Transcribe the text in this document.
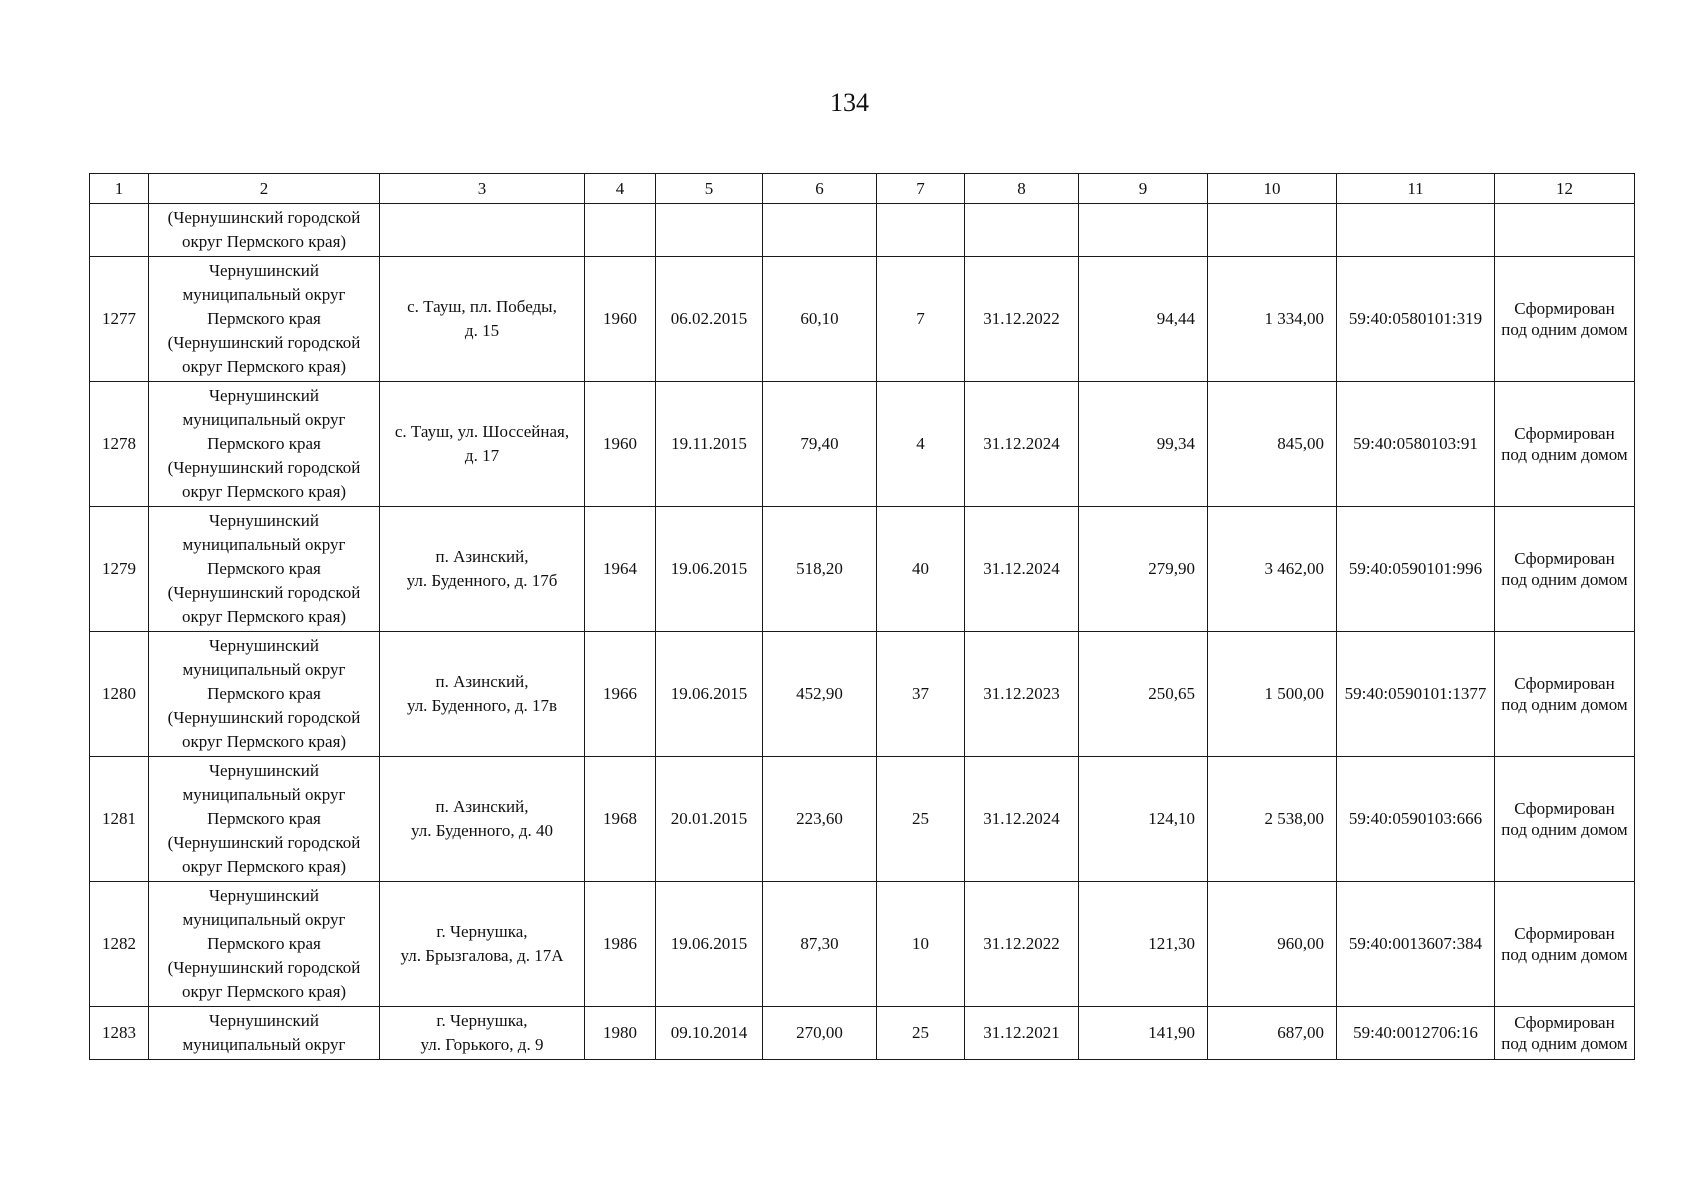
134
1	2	3	4	5	6	7	8	9	10	11	12
	(Чернушинский городской
округ Пермского края)										
1277	Чернушинский
муниципальный округ
Пермского края
(Чернушинский городской
округ Пермского края)	с. Тауш, пл. Победы,
д. 15	1960	06.02.2015	60,10	7	31.12.2022	94,44	1 334,00	59:40:0580101:319	Сформирован
под одним домом
1278	Чернушинский
муниципальный округ
Пермского края
(Чернушинский городской
округ Пермского края)	с. Тауш, ул. Шоссейная,
д. 17	1960	19.11.2015	79,40	4	31.12.2024	99,34	845,00	59:40:0580103:91	Сформирован
под одним домом
1279	Чернушинский
муниципальный округ
Пермского края
(Чернушинский городской
округ Пермского края)	п. Азинский,
ул. Буденного, д. 17б	1964	19.06.2015	518,20	40	31.12.2024	279,90	3 462,00	59:40:0590101:996	Сформирован
под одним домом
1280	Чернушинский
муниципальный округ
Пермского края
(Чернушинский городской
округ Пермского края)	п. Азинский,
ул. Буденного, д. 17в	1966	19.06.2015	452,90	37	31.12.2023	250,65	1 500,00	59:40:0590101:1377	Сформирован
под одним домом
1281	Чернушинский
муниципальный округ
Пермского края
(Чернушинский городской
округ Пермского края)	п. Азинский,
ул. Буденного, д. 40	1968	20.01.2015	223,60	25	31.12.2024	124,10	2 538,00	59:40:0590103:666	Сформирован
под одним домом
1282	Чернушинский
муниципальный округ
Пермского края
(Чернушинский городской
округ Пермского края)	г. Чернушка,
ул. Брызгалова, д. 17А	1986	19.06.2015	87,30	10	31.12.2022	121,30	960,00	59:40:0013607:384	Сформирован
под одним домом
1283	Чернушинский
муниципальный округ	г. Чернушка,
ул. Горького, д. 9	1980	09.10.2014	270,00	25	31.12.2021	141,90	687,00	59:40:0012706:16	Сформирован
под одним домом
